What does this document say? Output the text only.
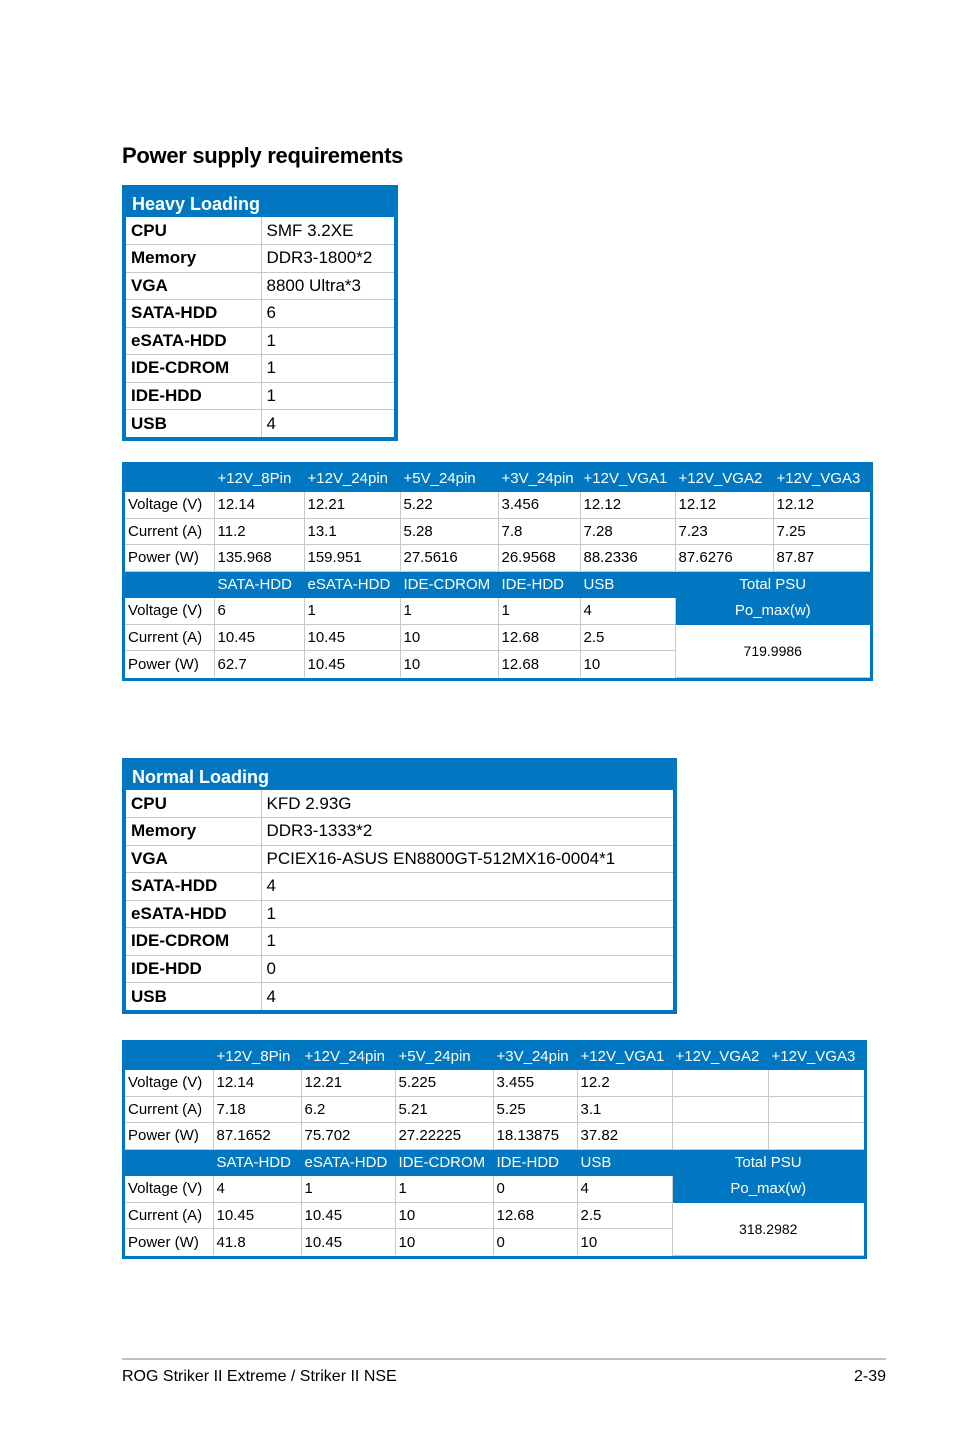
Power supply requirements
Heavy Loading
CPU	SMF 3.2XE
Memory	DDR3-1800*2
VGA	8800 Ultra*3
SATA-HDD	6
eSATA-HDD	1
IDE-CDROM	1
IDE-HDD	1
USB	4
	+12V_8Pin	+12V_24pin	+5V_24pin	+3V_24pin	+12V_VGA1	+12V_VGA2	+12V_VGA3
Voltage (V)	12.14	12.21	5.22	3.456	12.12	12.12	12.12
Current (A)	11.2	13.1	5.28	7.8	7.28	7.23	7.25
Power (W)	135.968	159.951	27.5616	26.9568	88.2336	87.6276	87.87
	SATA-HDD	eSATA-HDD	IDE-CDROM	IDE-HDD	USB	Total PSU	
Voltage (V)	6	1	1	1	4	Po_max(w)	
Current (A)	10.45	10.45	10	12.68	2.5	719.9986	
Power (W)	62.7	10.45	10	12.68	10		
Normal Loading
CPU	KFD 2.93G
Memory	DDR3-1333*2
VGA	PCIEX16-ASUS EN8800GT-512MX16-0004*1
SATA-HDD	4
eSATA-HDD	1
IDE-CDROM	1
IDE-HDD	0
USB	4
	+12V_8Pin	+12V_24pin	+5V_24pin	+3V_24pin	+12V_VGA1	+12V_VGA2	+12V_VGA3
Voltage (V)	12.14	12.21	5.225	3.455	12.2		
Current (A)	7.18	6.2	5.21	5.25	3.1		
Power (W)	87.1652	75.702	27.22225	18.13875	37.82		
	SATA-HDD	eSATA-HDD	IDE-CDROM	IDE-HDD	USB	Total PSU	
Voltage (V)	4	1	1	0	4	Po_max(w)	
Current (A)	10.45	10.45	10	12.68	2.5	318.2982	
Power (W)	41.8	10.45	10	0	10		
ROG Striker II Extreme / Striker II NSE	2-39
